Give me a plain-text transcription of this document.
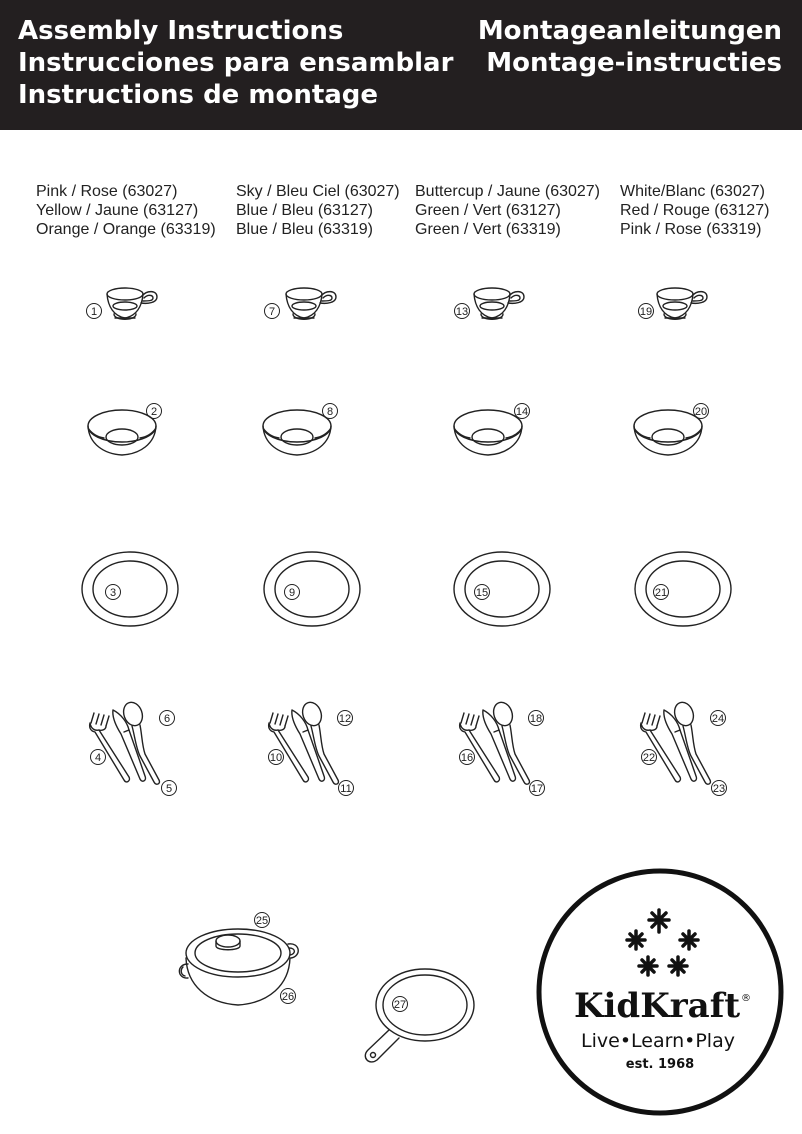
Assembly Instructions
Instrucciones para ensamblar
Instructions de montage
Montageanleitungen
Montage-instructies
Pink / Rose (63027)
Yellow / Jaune (63127)
Orange / Orange (63319)
Sky / Bleu Ciel (63027)
Blue / Bleu (63127)
Blue / Bleu (63319)
Buttercup / Jaune (63027)
Green / Vert (63127)
Green / Vert (63319)
White/Blanc (63027)
Red / Rouge (63127)
Pink / Rose (63319)
1
2
3
4
5
6
7
8
9
10
11
12
13
14
15
16
17
18
19
20
21
22
23
24
25
26
27	KidKraft ®
Live•Learn•Play
est. 1968
